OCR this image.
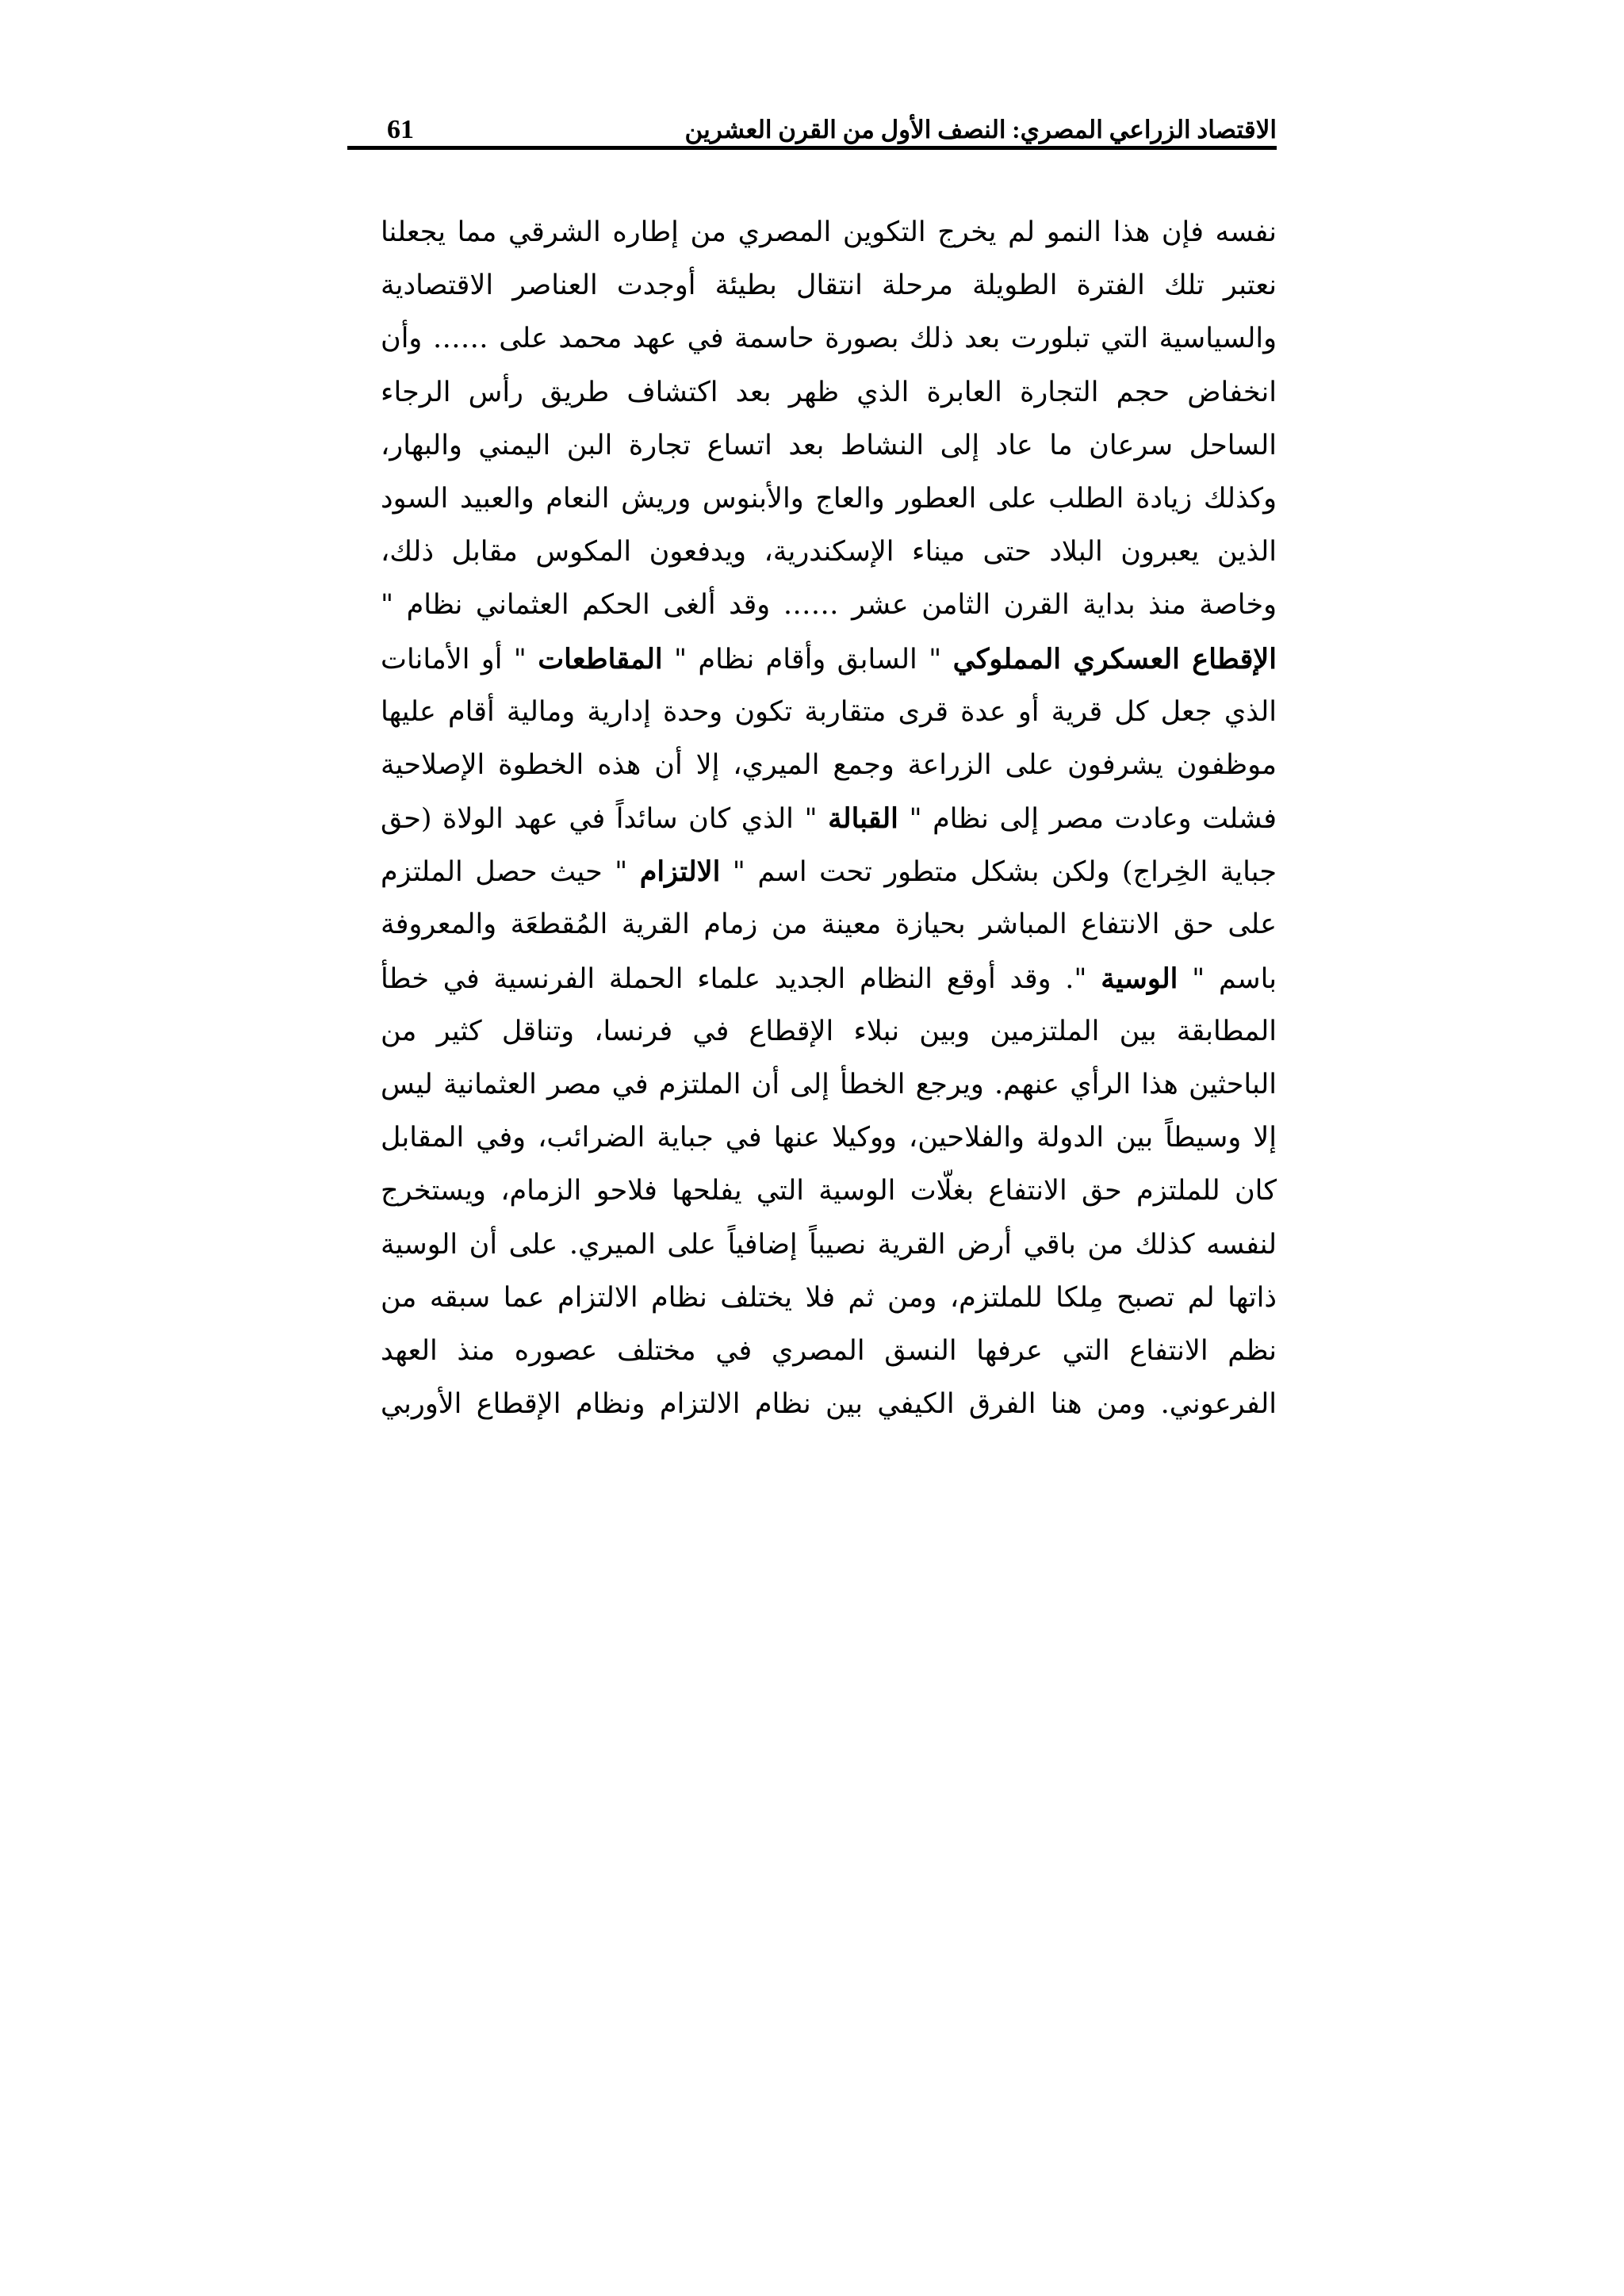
الاقتصاد الزراعي المصري: النصف الأول من القرن العشرين
61
نفسه فإن هذا النمو لم يخرج التكوين المصري من إطاره الشرقي مما يجعلنا
نعتبر تلك الفترة الطويلة مرحلة انتقال بطيئة أوجدت العناصر الاقتصادية
والسياسية التي تبلورت بعد ذلك بصورة حاسمة في عهد محمد على …… وأن
انخفاض حجم التجارة العابرة الذي ظهر بعد اكتشاف طريق رأس الرجاء
الساحل سرعان ما عاد إلى النشاط بعد اتساع تجارة البن اليمني والبهار،
وكذلك زيادة الطلب على العطور والعاج والأبنوس وريش النعام والعبيد السود
الذين يعبرون البلاد حتى ميناء الإسكندرية، ويدفعون المكوس مقابل ذلك،
وخاصة منذ بداية القرن الثامن عشر …… وقد ألغى الحكم العثماني نظام "
الإقطاع العسكري المملوكي " السابق وأقام نظام " المقاطعات " أو الأمانات
الذي جعل كل قرية أو عدة قرى متقاربة تكون وحدة إدارية ومالية أقام عليها
موظفون يشرفون على الزراعة وجمع الميري، إلا أن هذه الخطوة الإصلاحية
فشلت وعادت مصر إلى نظام " القبالة " الذي كان سائداً في عهد الولاة (حق
جباية الخِراج) ولكن بشكل متطور تحت اسم " الالتزام " حيث حصل الملتزم
على حق الانتفاع المباشر بحيازة معينة من زمام القرية المُقطعَة والمعروفة
باسم " الوسية ". وقد أوقع النظام الجديد علماء الحملة الفرنسية في خطأ
المطابقة بين الملتزمين وبين نبلاء الإقطاع في فرنسا، وتناقل كثير من
الباحثين هذا الرأي عنهم. ويرجع الخطأ إلى أن الملتزم في مصر العثمانية ليس
إلا وسيطاً بين الدولة والفلاحين، ووكيلا عنها في جباية الضرائب، وفي المقابل
كان للملتزم حق الانتفاع بغلّات الوسية التي يفلحها فلاحو الزمام، ويستخرج
لنفسه كذلك من باقي أرض القرية نصيباً إضافياً على الميري. على أن الوسية
ذاتها لم تصبح مِلكا للملتزم، ومن ثم فلا يختلف نظام الالتزام عما سبقه من
نظم الانتفاع التي عرفها النسق المصري في مختلف عصوره منذ العهد
الفرعوني. ومن هنا الفرق الكيفي بين نظام الالتزام ونظام الإقطاع الأوربي
